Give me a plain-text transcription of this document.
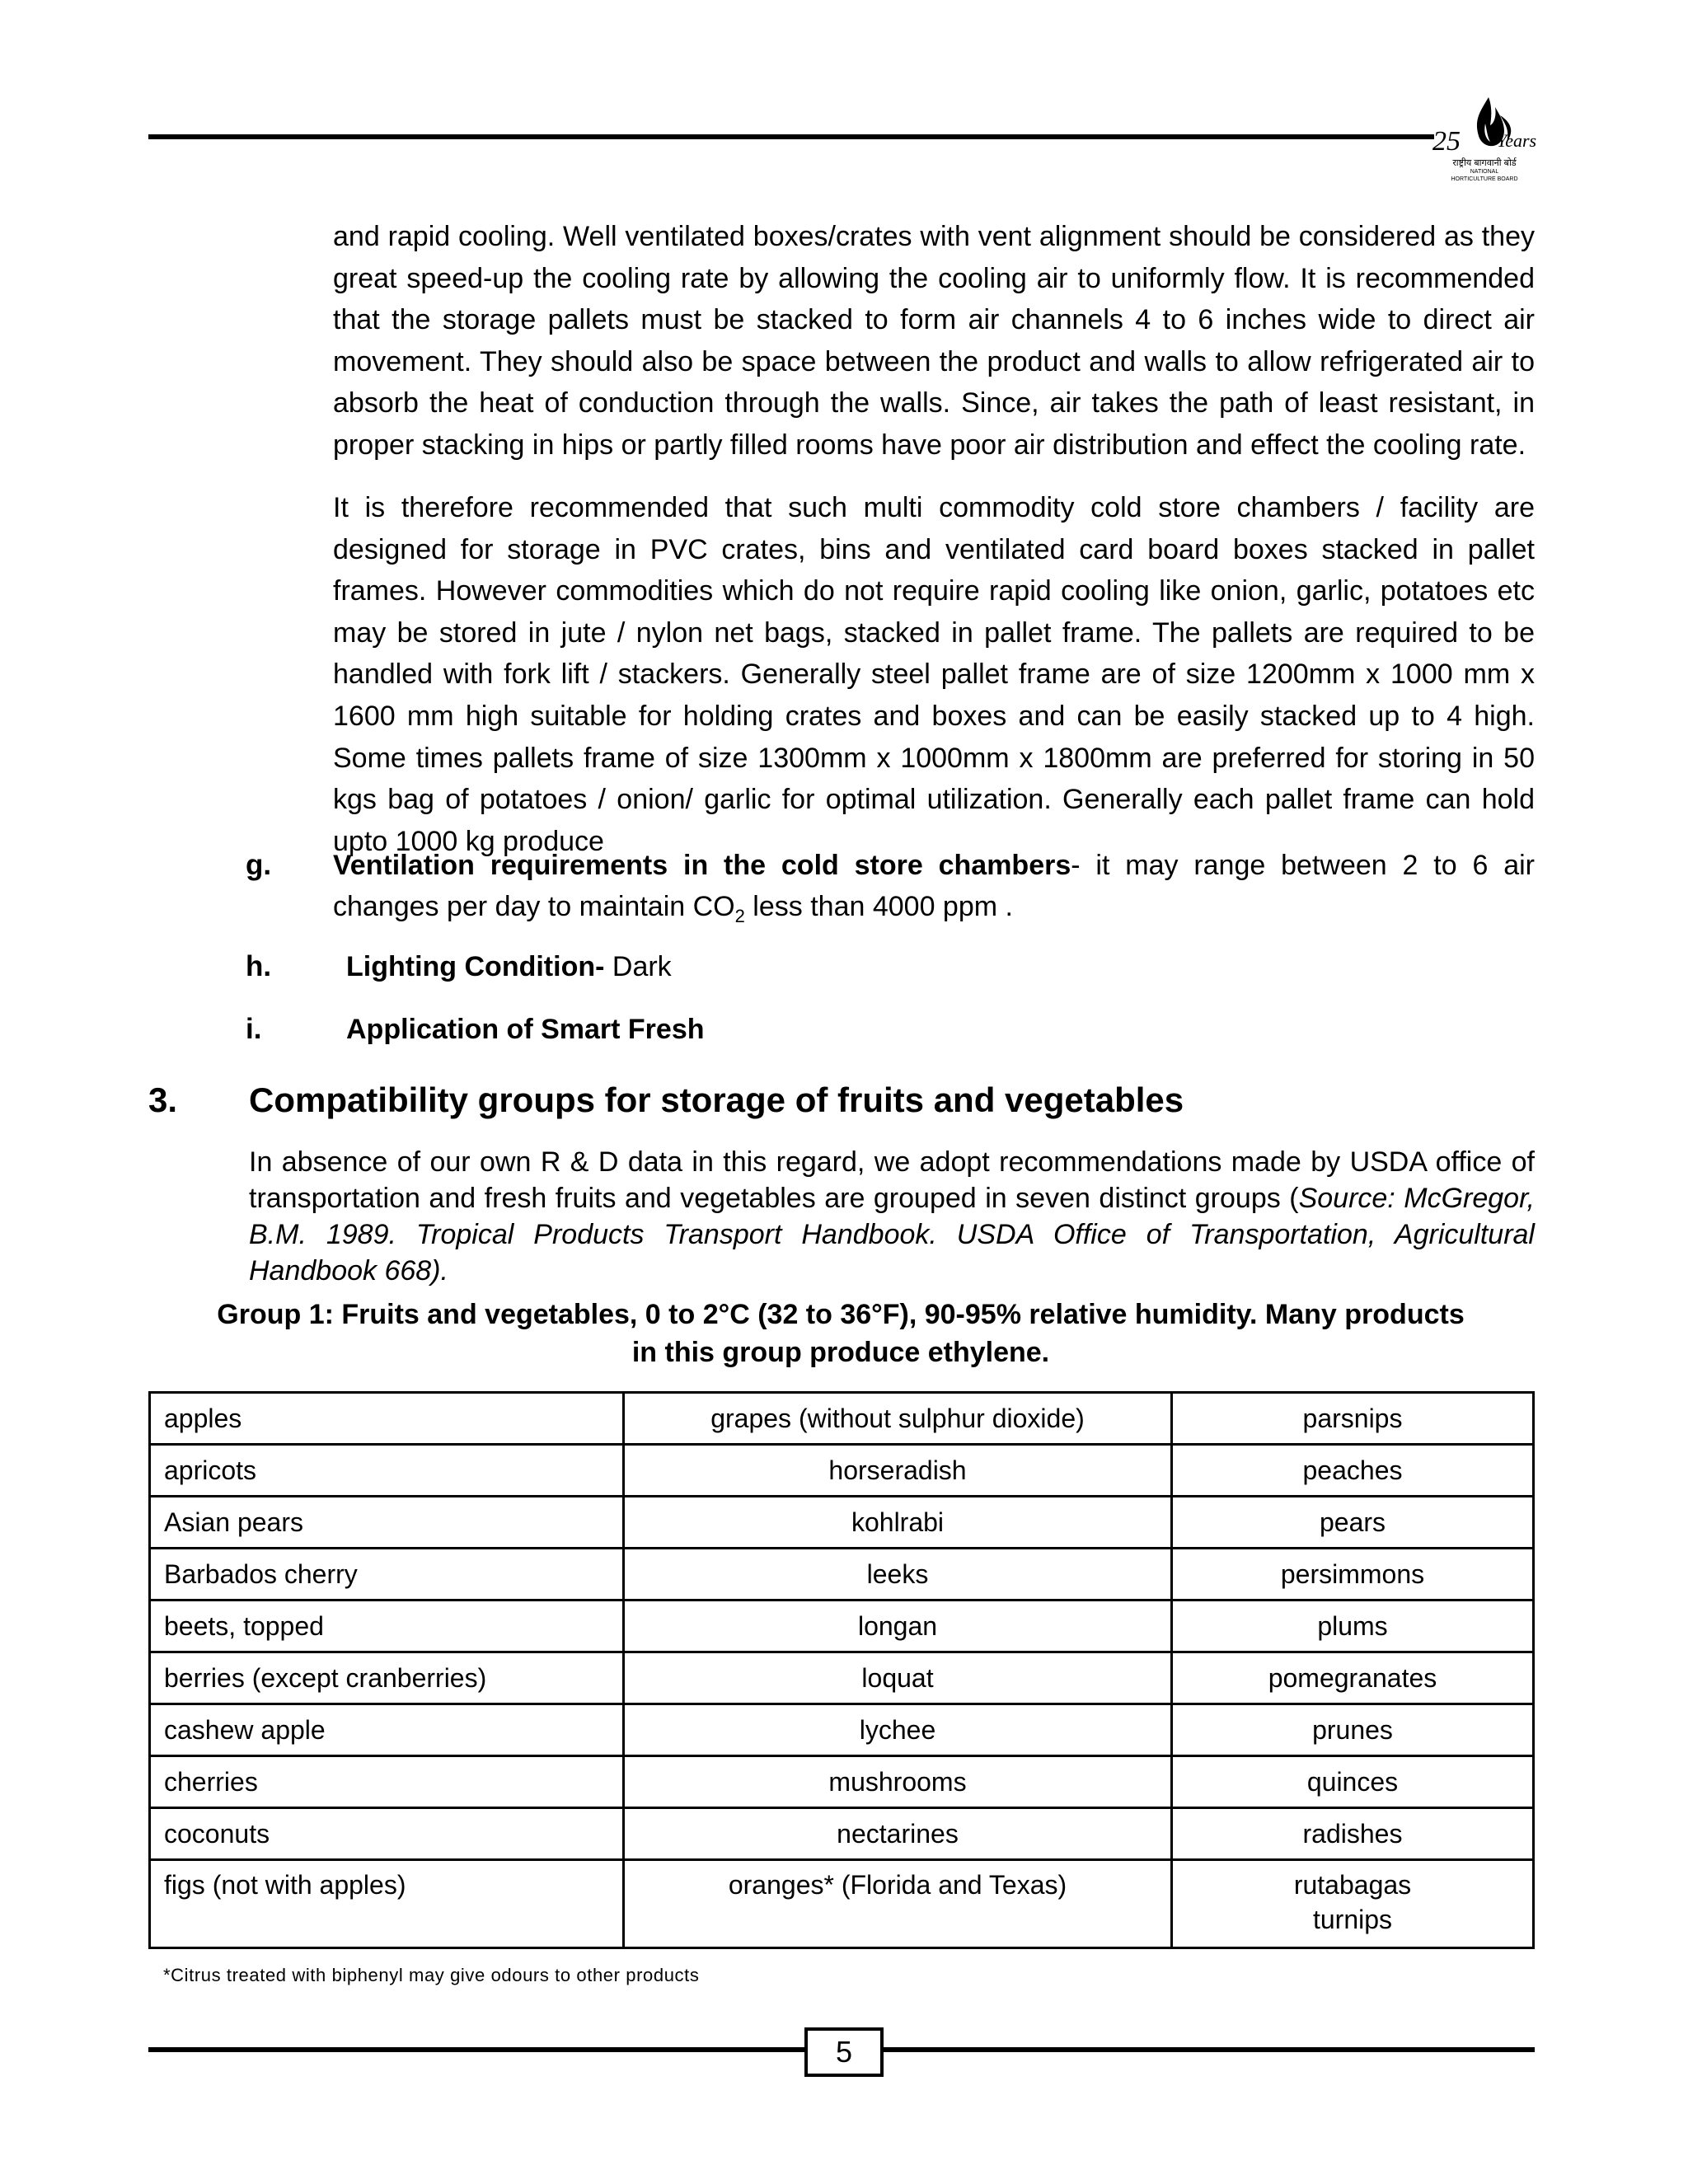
25 Years
राष्ट्रीय बागवानी बोर्ड
NATIONAL
HORTICULTURE BOARD

and rapid cooling. Well ventilated boxes/crates with vent alignment should be considered as they great speed-up the cooling rate by allowing the cooling air to uniformly flow. It is recommended that the storage pallets must be stacked to form air channels 4 to 6 inches wide to direct air movement. They should also be space between the product and walls to allow refrigerated air to absorb the heat of conduction through the walls. Since, air takes the path of least resistant, in proper stacking in hips or partly filled rooms have poor air distribution and effect the cooling rate.

It is therefore recommended that such multi commodity cold store chambers / facility are designed for storage in PVC crates, bins and ventilated card board boxes stacked in pallet frames. However commodities which do not require rapid cooling like onion, garlic, potatoes etc may be stored in jute / nylon net bags, stacked in pallet frame. The pallets are required to be handled with fork lift / stackers. Generally steel pallet frame are of size 1200mm x 1000 mm x 1600 mm high suitable for holding crates and boxes and can be easily stacked up to 4 high. Some times pallets frame of size 1300mm x 1000mm x 1800mm are preferred for storing in 50 kgs bag of potatoes / onion/ garlic for optimal utilization. Generally each pallet frame can hold upto 1000 kg produce

g. Ventilation requirements in the cold store chambers- it may range between 2 to 6 air changes per day to maintain $CO_2$ less than 4000 ppm .

h.	Lighting Condition- Dark

i.	Application of Smart Fresh

3. Compatibility groups for storage of fruits and vegetables

In absence of our own R & D data in this regard, we adopt recommendations made by USDA office of transportation and fresh fruits and vegetables are grouped in seven distinct groups (Source: McGregor, B.M. 1989. Tropical Products Transport Handbook. USDA Office of Transportation, Agricultural Handbook 668).

Group 1: Fruits and vegetables, 0 to 2°C (32 to 36°F), 90-95% relative humidity. Many products
in this group produce ethylene.

apples	grapes (without sulphur dioxide)	parsnips
apricots	horseradish	peaches
Asian pears	kohlrabi	pears
Barbados cherry	leeks	persimmons
beets, topped	longan	plums
berries (except cranberries)	loquat	pomegranates
cashew apple	lychee	prunes
cherries	mushrooms	quinces
coconuts	nectarines	radishes
figs (not with apples)	oranges* (Florida and Texas)	rutabagas
turnips
*Citrus treated with biphenyl may give odours to other products
5
